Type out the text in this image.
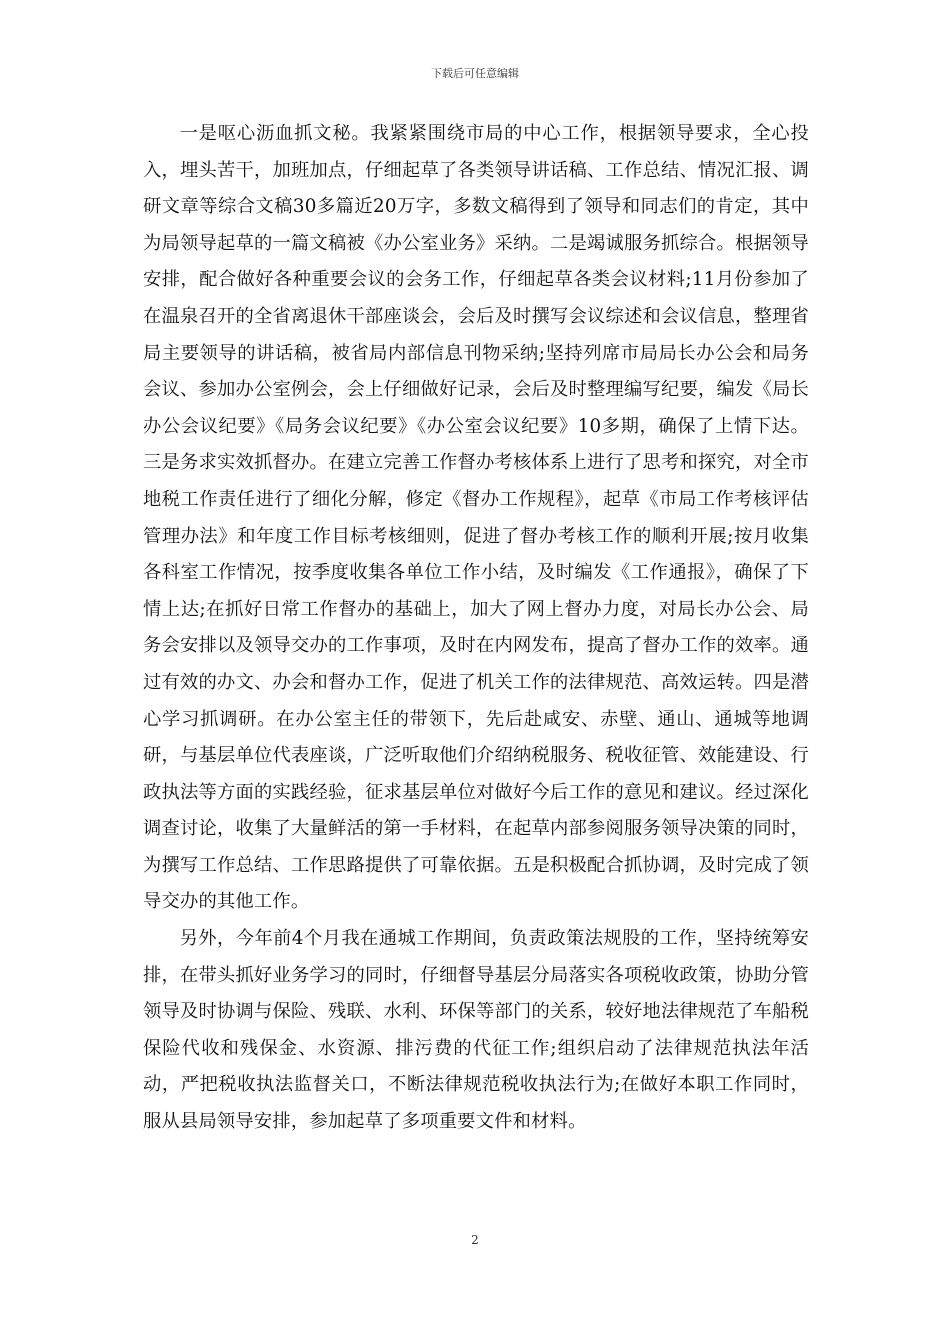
下载后可任意编辑

一是呕心沥血抓文秘。我紧紧围绕市局的中心工作，根据领导要求，全心投入，埋头苦干，加班加点，仔细起草了各类领导讲话稿、工作总结、情况汇报、调研文章等综合文稿30多篇近20万字，多数文稿得到了领导和同志们的肯定，其中为局领导起草的一篇文稿被《办公室业务》采纳。二是竭诚服务抓综合。根据领导安排，配合做好各种重要会议的会务工作，仔细起草各类会议材料;11月份参加了在温泉召开的全省离退休干部座谈会，会后及时撰写会议综述和会议信息，整理省局主要领导的讲话稿，被省局内部信息刊物采纳;坚持列席市局局长办公会和局务会议、参加办公室例会，会上仔细做好记录，会后及时整理编写纪要，编发《局长办公会议纪要》《局务会议纪要》《办公室会议纪要》10多期，确保了上情下达。三是务求实效抓督办。在建立完善工作督办考核体系上进行了思考和探究，对全市地税工作责任进行了细化分解，修定《督办工作规程》，起草《市局工作考核评估管理办法》和年度工作目标考核细则，促进了督办考核工作的顺利开展;按月收集各科室工作情况，按季度收集各单位工作小结，及时编发《工作通报》，确保了下情上达;在抓好日常工作督办的基础上，加大了网上督办力度，对局长办公会、局务会安排以及领导交办的工作事项，及时在内网发布，提高了督办工作的效率。通过有效的办文、办会和督办工作，促进了机关工作的法律规范、高效运转。四是潜心学习抓调研。在办公室主任的带领下，先后赴咸安、赤壁、通山、通城等地调研，与基层单位代表座谈，广泛听取他们介绍纳税服务、税收征管、效能建设、行政执法等方面的实践经验，征求基层单位对做好今后工作的意见和建议。经过深化调查讨论，收集了大量鲜活的第一手材料，在起草内部参阅服务领导决策的同时，为撰写工作总结、工作思路提供了可靠依据。五是积极配合抓协调，及时完成了领导交办的其他工作。

另外，今年前4个月我在通城工作期间，负责政策法规股的工作，坚持统筹安排，在带头抓好业务学习的同时，仔细督导基层分局落实各项税收政策，协助分管领导及时协调与保险、残联、水利、环保等部门的关系，较好地法律规范了车船税保险代收和残保金、水资源、排污费的代征工作;组织启动了法律规范执法年活动，严把税收执法监督关口，不断法律规范税收执法行为;在做好本职工作同时，服从县局领导安排，参加起草了多项重要文件和材料。

2
